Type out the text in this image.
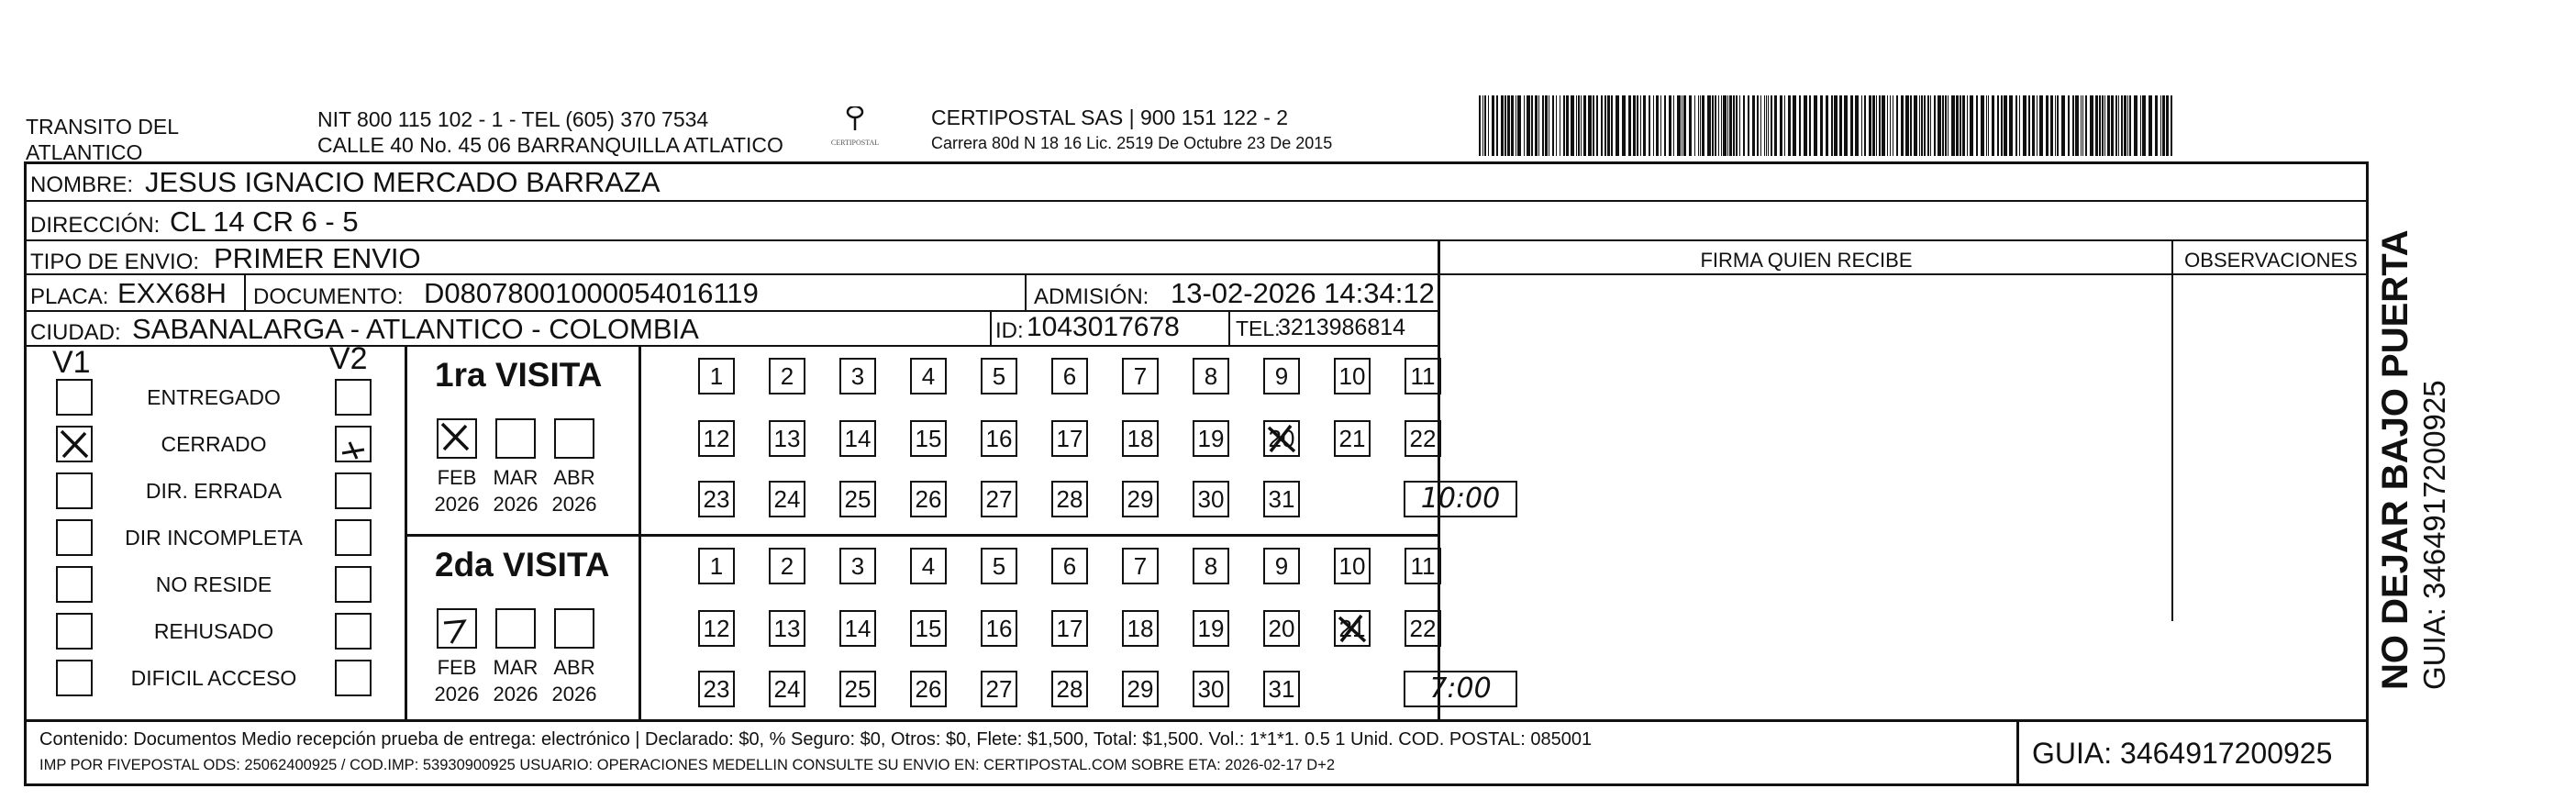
TRANSITO DEL
ATLANTICO
NIT 800 115 102 - 1 - TEL (605) 370 7534
CALLE 40 No. 45 06 BARRANQUILLA ATLATICO	CERTIPOSTAL
CERTIPOSTAL SAS | 900 151 122 - 2
Carrera 80d N 18 16 Lic. 2519 De Octubre 23 De 2015
NOMBRE: JESUS IGNACIO MERCADO BARRAZA
DIRECCIÓN: CL 14 CR 6 - 5
TIPO DE ENVIO: PRIMER ENVIO	FIRMA QUIEN RECIBE	OBSERVACIONES
PLACA: EXX68H DOCUMENTO: D08078001000054016119	ADMISIÓN: 13-02-2026 14:34:12
CIUDAD: SABANALARGA - ATLANTICO - COLOMBIA	ID: 1043017678	TEL:
3213986814
V1	V2
ENTREGADO
CERRADO
DIR. ERRADA
DIR INCOMPLETA
NO RESIDE
REHUSADO
DIFICIL ACCESO
1ra VISITA
FEB
2026
MAR
2026
ABR
2026
1	2	3	4	5	6	7	8	9	10 11
12 13 14 15 16 17 18 19 20 21 22
23 24 25 26 27 28 29 30 31	10:00
2da VISITA
FEB
2026
MAR
2026
ABR
2026
1	2	3	4	5	6	7	8	9	10 11
12 13 14 15 16 17 18 19 20 21 22
23 24 25 26 27 28 29 30 31	7:00
Contenido: Documentos Medio recepción prueba de entrega: electrónico | Declarado: $0, % Seguro: $0, Otros: $0, Flete: $1,500, Total: $1,500. Vol.: 1*1*1. 0.5 1 Unid. COD. POSTAL: 085001
IMP POR FIVEPOSTAL ODS: 25062400925 / COD.IMP: 53930900925 USUARIO: OPERACIONES MEDELLIN CONSULTE SU ENVIO EN: CERTIPOSTAL.COM SOBRE ETA: 2026-02-17 D+2	GUIA: 3464917200925
NO DEJAR BAJO PUERTA GUIA: 3464917200925
